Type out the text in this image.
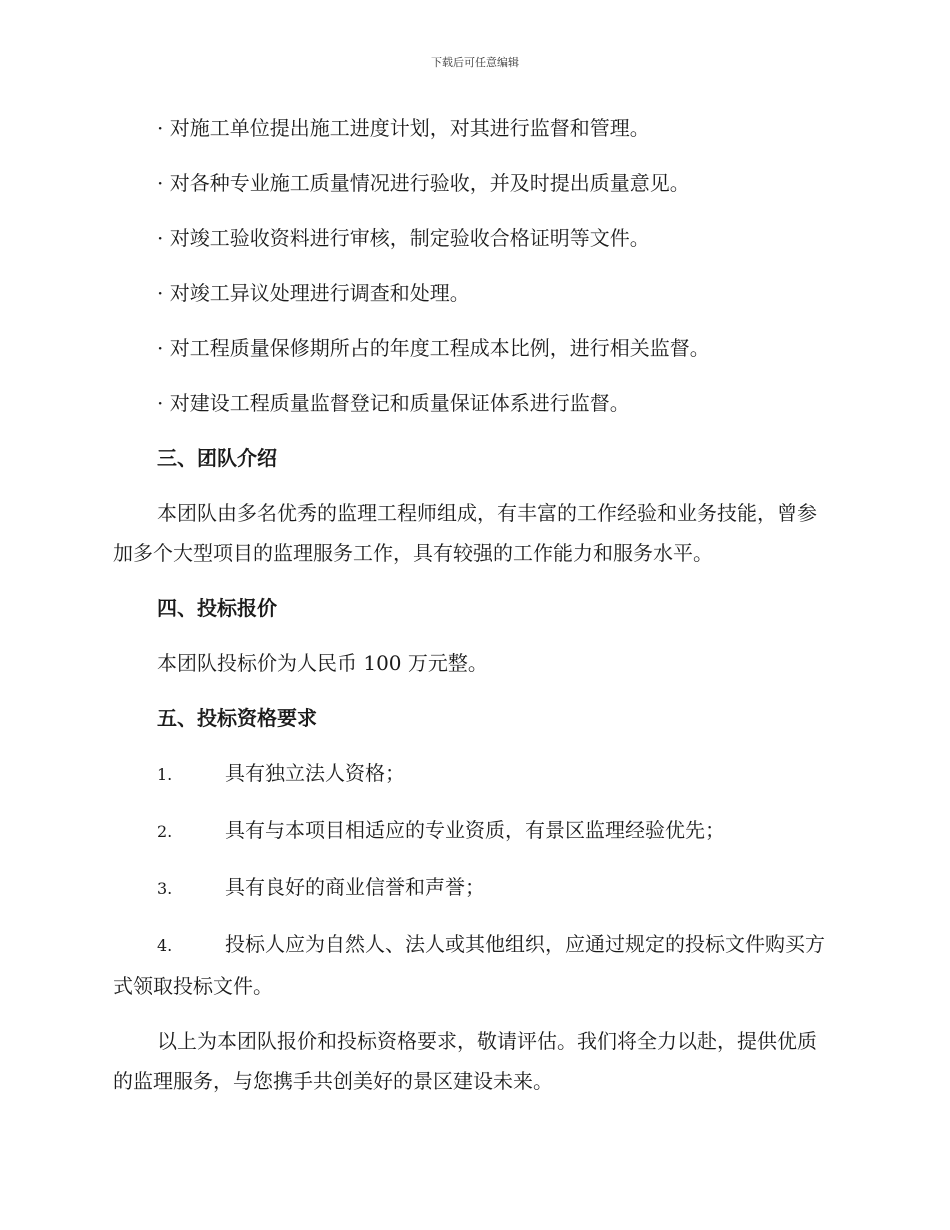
下载后可任意编辑
· 对施工单位提出施工进度计划，对其进行监督和管理。
· 对各种专业施工质量情况进行验收，并及时提出质量意见。
· 对竣工验收资料进行审核，制定验收合格证明等文件。
· 对竣工异议处理进行调查和处理。
· 对工程质量保修期所占的年度工程成本比例，进行相关监督。
· 对建设工程质量监督登记和质量保证体系进行监督。
三、团队介绍
本团队由多名优秀的监理工程师组成，有丰富的工作经验和业务技能，曾参加多个大型项目的监理服务工作，具有较强的工作能力和服务水平。
四、投标报价
本团队投标价为人民币 100 万元整。
五、投标资格要求
1.	具有独立法人资格；
2.	具有与本项目相适应的专业资质，有景区监理经验优先；
3.	具有良好的商业信誉和声誉；
4.	投标人应为自然人、法人或其他组织，应通过规定的投标文件购买方式领取投标文件。
以上为本团队报价和投标资格要求，敬请评估。我们将全力以赴，提供优质的监理服务，与您携手共创美好的景区建设未来。
